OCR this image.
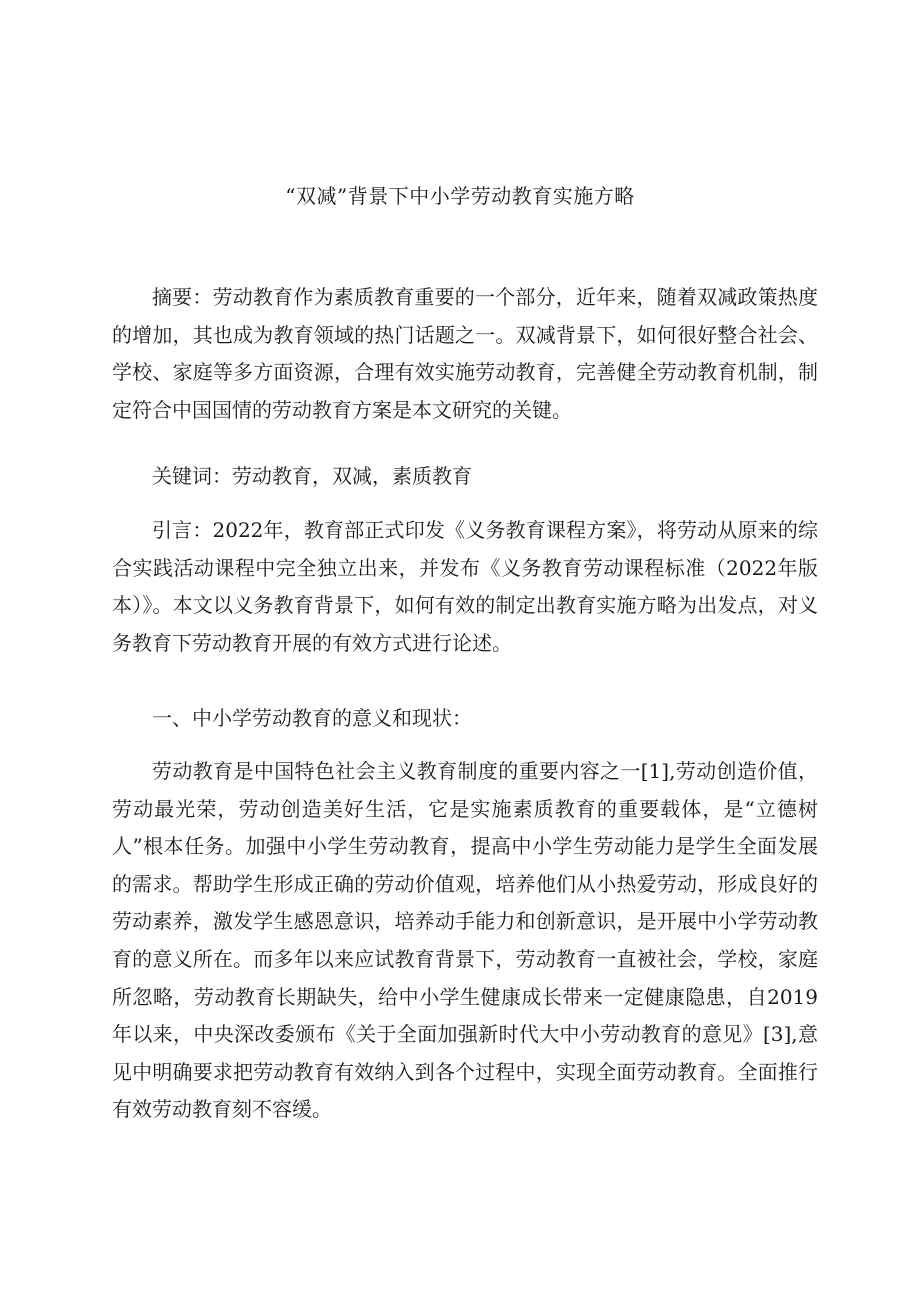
“双减”背景下中小学劳动教育实施方略

摘要：劳动教育作为素质教育重要的一个部分，近年来，随着双减政策热度的增加，其也成为教育领域的热门话题之一。双减背景下，如何很好整合社会、学校、家庭等多方面资源，合理有效实施劳动教育，完善健全劳动教育机制，制定符合中国国情的劳动教育方案是本文研究的关键。

关键词：劳动教育，双减，素质教育

引言：2022年，教育部正式印发《义务教育课程方案》，将劳动从原来的综合实践活动课程中完全独立出来，并发布《义务教育劳动课程标准（2022年版本）》。本文以义务教育背景下，如何有效的制定出教育实施方略为出发点，对义务教育下劳动教育开展的有效方式进行论述。

一、中小学劳动教育的意义和现状：

劳动教育是中国特色社会主义教育制度的重要内容之一[1],劳动创造价值，劳动最光荣，劳动创造美好生活，它是实施素质教育的重要载体，是“立德树人”根本任务。加强中小学生劳动教育，提高中小学生劳动能力是学生全面发展的需求。帮助学生形成正确的劳动价值观，培养他们从小热爱劳动，形成良好的劳动素养，激发学生感恩意识，培养动手能力和创新意识，是开展中小学劳动教育的意义所在。而多年以来应试教育背景下，劳动教育一直被社会，学校，家庭所忽略，劳动教育长期缺失，给中小学生健康成长带来一定健康隐患，自2019年以来，中央深改委颁布《关于全面加强新时代大中小劳动教育的意见》[3],意见中明确要求把劳动教育有效纳入到各个过程中，实现全面劳动教育。全面推行有效劳动教育刻不容缓。
